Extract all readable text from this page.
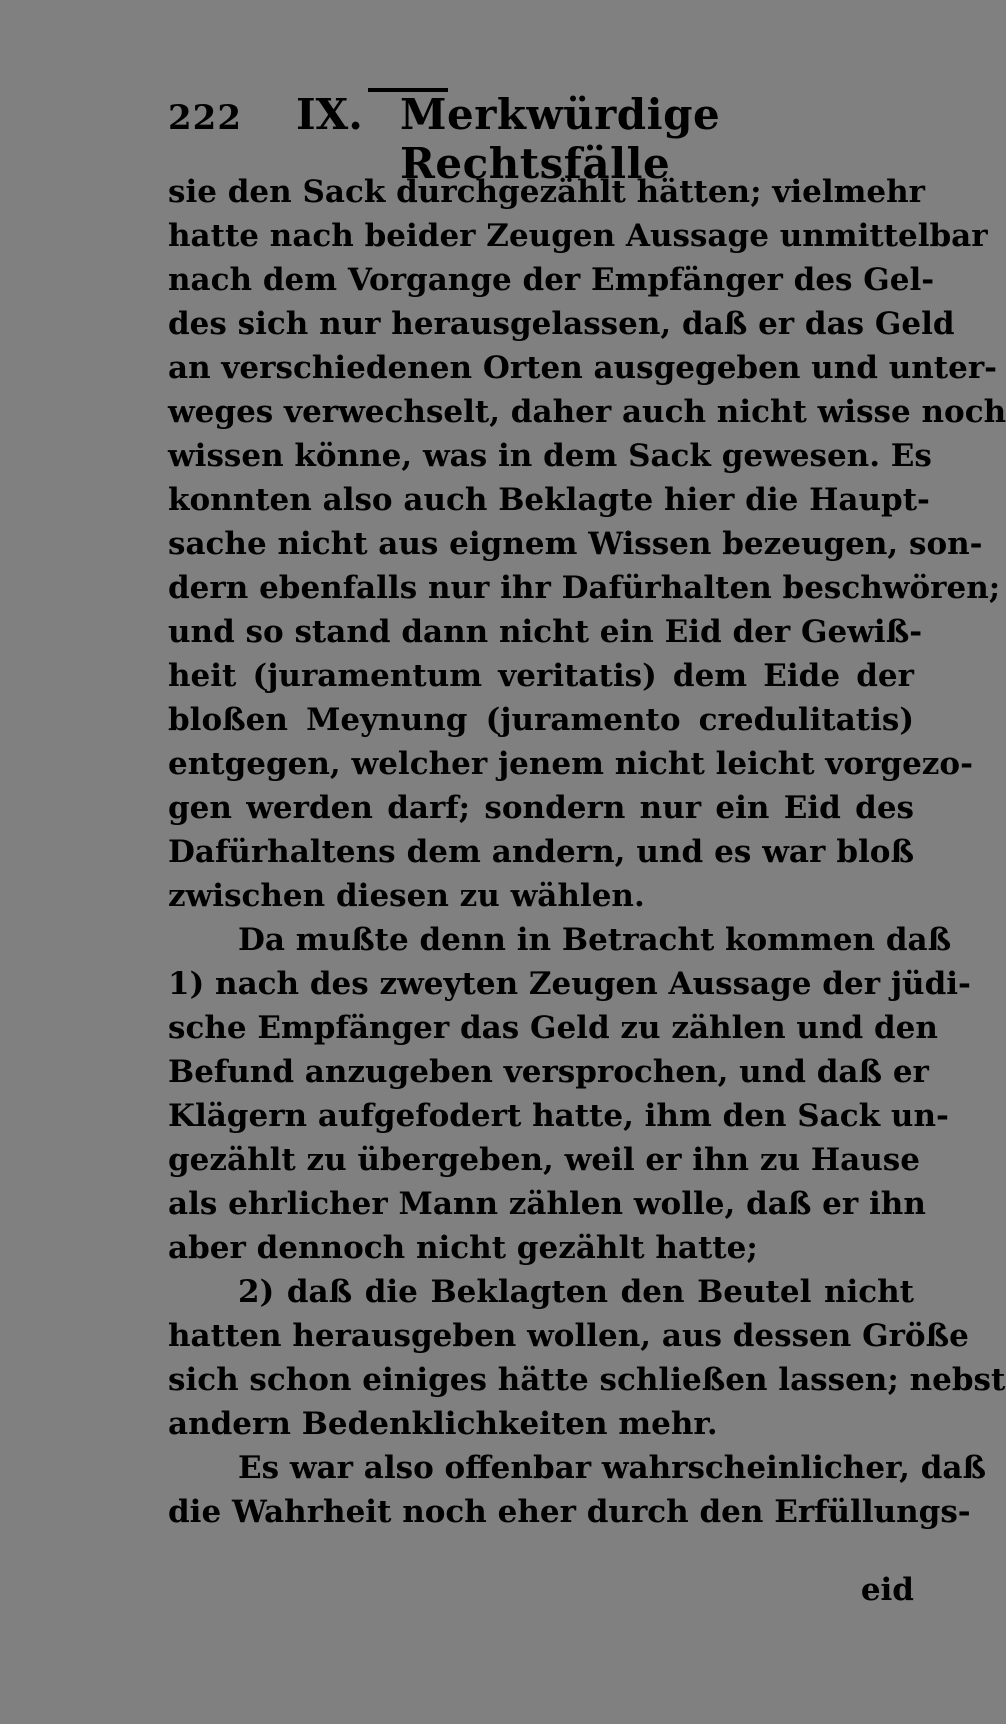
222 IX. Merkwürdige Rechtsfälle
sie den Sack durchgezählt hätten; vielmehr
hatte nach beider Zeugen Aussage unmittelbar
nach dem Vorgange der Empfänger des Gel-
des sich nur herausgelassen, daß er das Geld
an verschiedenen Orten ausgegeben und unter-
weges verwechselt, daher auch nicht wisse noch
wissen könne, was in dem Sack gewesen. Es
konnten also auch Beklagte hier die Haupt-
sache nicht aus eignem Wissen bezeugen, son-
dern ebenfalls nur ihr Dafürhalten beschwören;
und so stand dann nicht ein Eid der Gewiß-
heit (juramentum veritatis) dem Eide der
bloßen Meynung (juramento credulitatis)
entgegen, welcher jenem nicht leicht vorgezo-
gen werden darf; sondern nur ein Eid des
Dafürhaltens dem andern, und es war bloß
zwischen diesen zu wählen.
Da mußte denn in Betracht kommen daß
1) nach des zweyten Zeugen Aussage der jüdi-
sche Empfänger das Geld zu zählen und den
Befund anzugeben versprochen, und daß er
Klägern aufgefodert hatte, ihm den Sack un-
gezählt zu übergeben, weil er ihn zu Hause
als ehrlicher Mann zählen wolle, daß er ihn
aber dennoch nicht gezählt hatte;
2) daß die Beklagten den Beutel nicht
hatten herausgeben wollen, aus dessen Größe
sich schon einiges hätte schließen lassen; nebst
andern Bedenklichkeiten mehr.
Es war also offenbar wahrscheinlicher, daß
die Wahrheit noch eher durch den Erfüllungs-
eid
